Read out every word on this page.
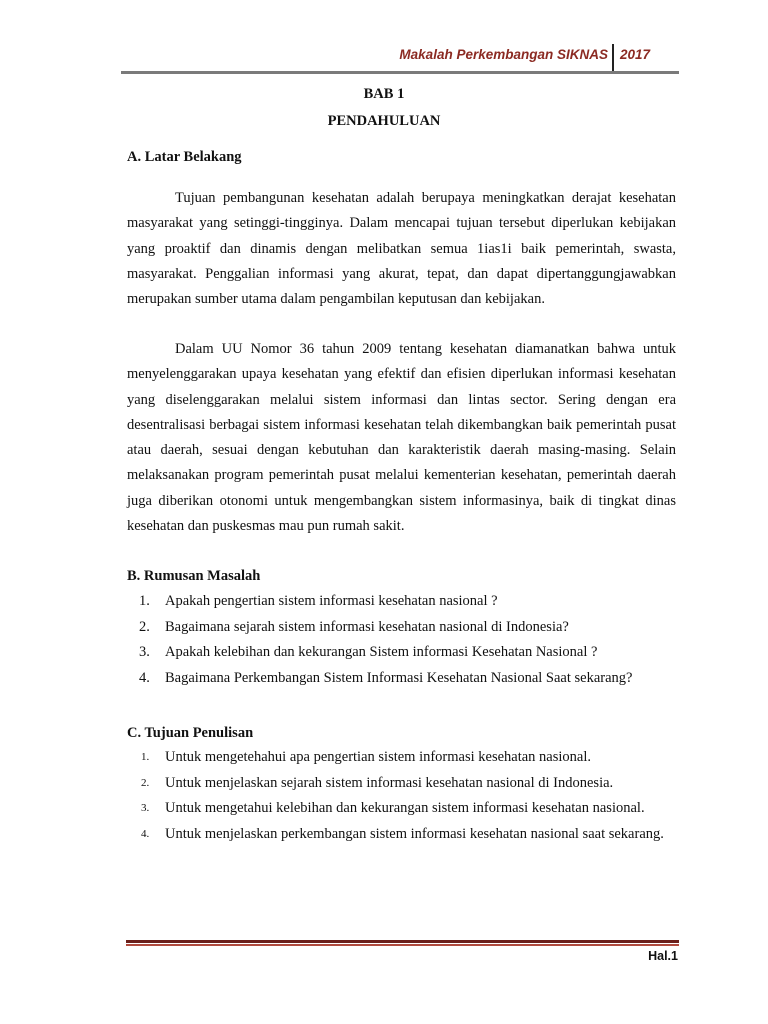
Makalah Perkembangan SIKNAS 2017
BAB 1
PENDAHULUAN
A. Latar Belakang

Tujuan pembangunan kesehatan adalah berupaya meningkatkan derajat kesehatan masyarakat yang setinggi-tingginya. Dalam mencapai tujuan tersebut diperlukan kebijakan yang proaktif dan dinamis dengan melibatkan semua 1ias1i baik pemerintah, swasta, masyarakat. Penggalian informasi yang akurat, tepat, dan dapat dipertanggungjawabkan merupakan sumber utama dalam pengambilan keputusan dan kebijakan.

Dalam UU Nomor 36 tahun 2009 tentang kesehatan diamanatkan bahwa untuk menyelenggarakan upaya kesehatan yang efektif dan efisien diperlukan informasi kesehatan yang diselenggarakan melalui sistem informasi dan lintas sector. Sering dengan era desentralisasi berbagai sistem informasi kesehatan telah dikembangkan baik pemerintah pusat atau daerah, sesuai dengan kebutuhan dan karakteristik daerah masing-masing. Selain melaksanakan program pemerintah pusat melalui kementerian kesehatan, pemerintah daerah juga diberikan otonomi untuk mengembangkan sistem informasinya, baik di tingkat dinas kesehatan dan puskesmas mau pun rumah sakit.

B. Rumusan Masalah
1. Apakah pengertian sistem informasi kesehatan nasional ?
2. Bagaimana sejarah sistem informasi kesehatan nasional di Indonesia?
3. Apakah kelebihan dan kekurangan Sistem informasi Kesehatan Nasional ?
4. Bagaimana Perkembangan Sistem Informasi Kesehatan Nasional Saat sekarang?
C. Tujuan Penulisan
1. Untuk mengetehahui apa pengertian sistem informasi kesehatan nasional.
2. Untuk menjelaskan sejarah sistem informasi kesehatan nasional di Indonesia.
3. Untuk mengetahui kelebihan dan kekurangan sistem informasi kesehatan nasional.
4. Untuk menjelaskan perkembangan sistem informasi kesehatan nasional saat sekarang.
Hal.1
